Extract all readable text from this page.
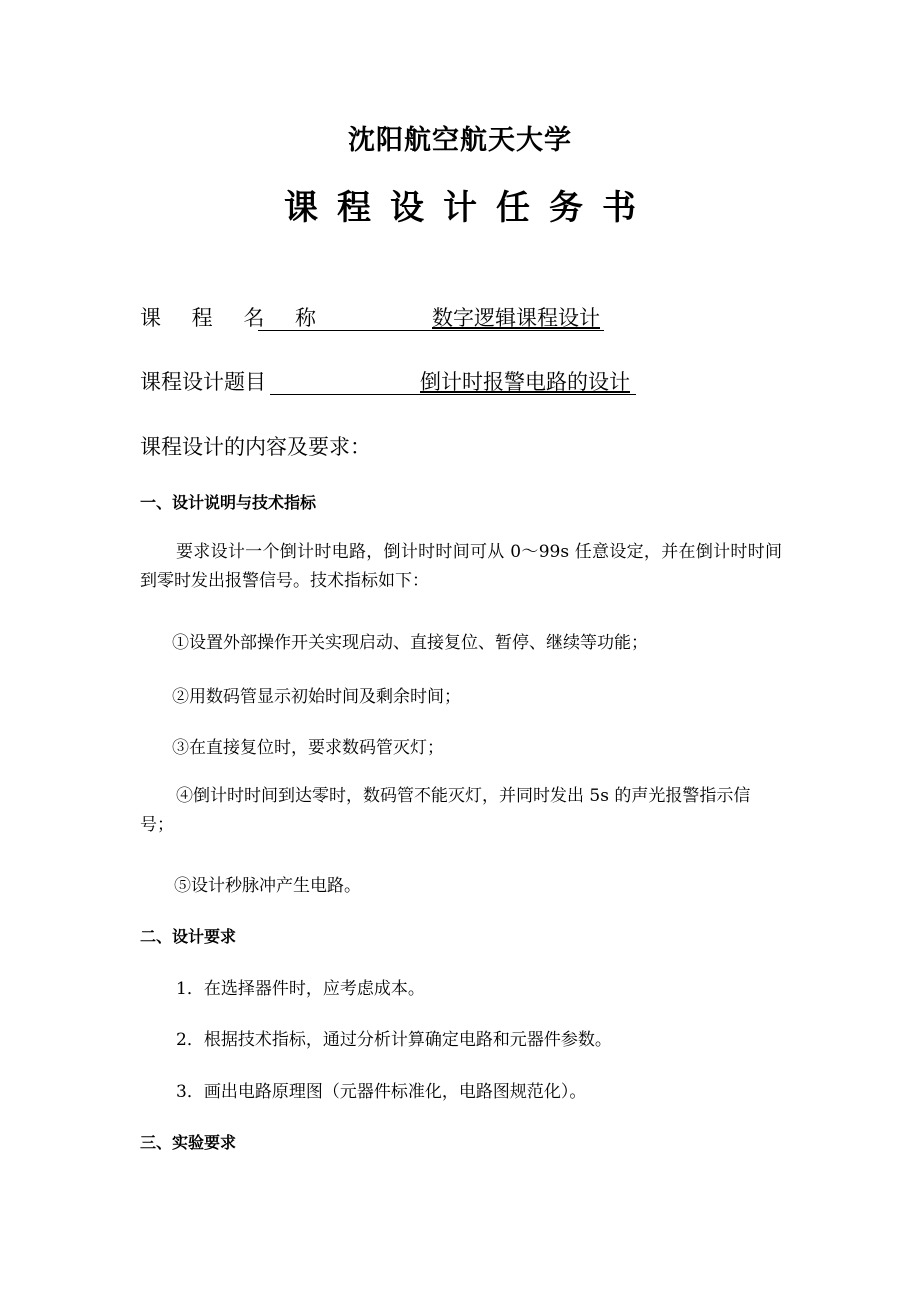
沈阳航空航天大学
课程设计任务书
课 程 名 称	数字逻辑课程设计
课程设计题目	倒计时报警电路的设计
课程设计的内容及要求：
一、设计说明与技术指标
要求设计一个倒计时电路，倒计时时间可从 0～99s 任意设定，并在倒计时时间到零时发出报警信号。技术指标如下：
①设置外部操作开关实现启动、直接复位、暂停、继续等功能；
②用数码管显示初始时间及剩余时间；
③在直接复位时，要求数码管灭灯；
④倒计时时间到达零时，数码管不能灭灯，并同时发出 5s 的声光报警指示信号；
⑤设计秒脉冲产生电路。
二、设计要求
1．在选择器件时，应考虑成本。
2．根据技术指标，通过分析计算确定电路和元器件参数。
3．画出电路原理图（元器件标准化，电路图规范化）。
三、实验要求
